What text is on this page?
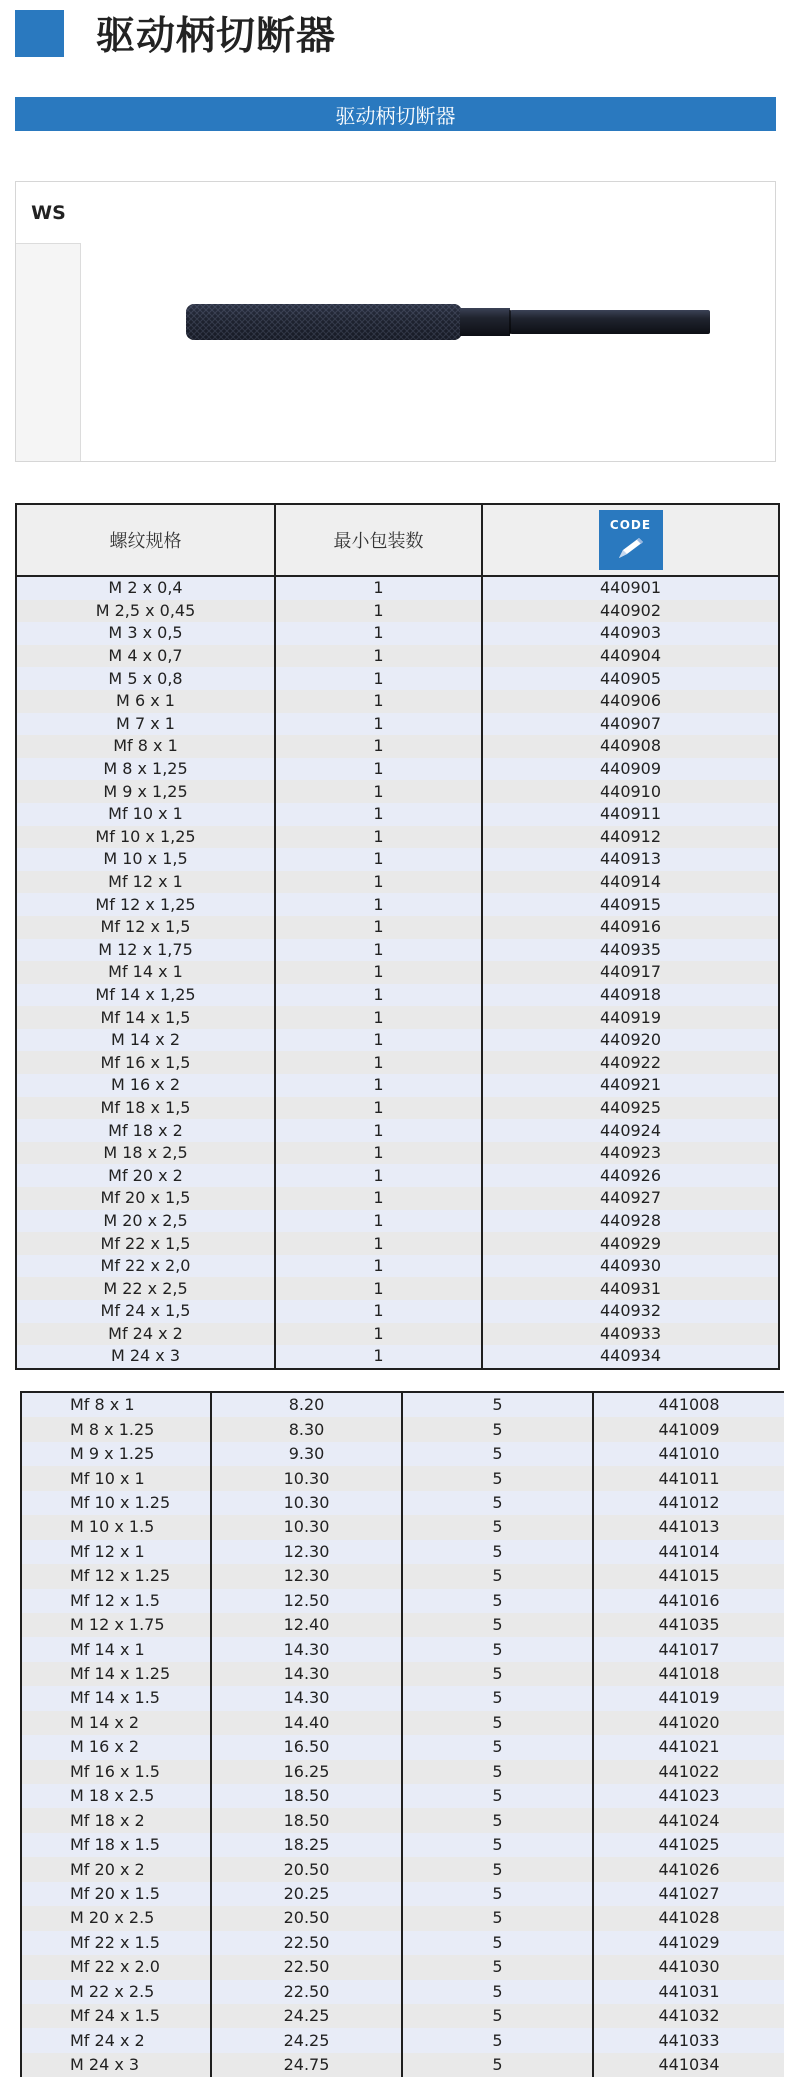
驱动柄切断器
驱动柄切断器
WS
螺纹规格	最小包装数	CODE

M 2 x 0,4	1	440901
M 2,5 x 0,45	1	440902
M 3 x 0,5	1	440903
M 4 x 0,7	1	440904
M 5 x 0,8	1	440905
M 6 x 1	1	440906
M 7 x 1	1	440907
Mf 8 x 1	1	440908
M 8 x 1,25	1	440909
M 9 x 1,25	1	440910
Mf 10 x 1	1	440911
Mf 10 x 1,25	1	440912
M 10 x 1,5	1	440913
Mf 12 x 1	1	440914
Mf 12 x 1,25	1	440915
Mf 12 x 1,5	1	440916
M 12 x 1,75	1	440935
Mf 14 x 1	1	440917
Mf 14 x 1,25	1	440918
Mf 14 x 1,5	1	440919
M 14 x 2	1	440920
Mf 16 x 1,5	1	440922
M 16 x 2	1	440921
Mf 18 x 1,5	1	440925
Mf 18 x 2	1	440924
M 18 x 2,5	1	440923
Mf 20 x 2	1	440926
Mf 20 x 1,5	1	440927
M 20 x 2,5	1	440928
Mf 22 x 1,5	1	440929
Mf 22 x 2,0	1	440930
M 22 x 2,5	1	440931
Mf 24 x 1,5	1	440932
Mf 24 x 2	1	440933
M 24 x 3	1	440934
Mf 8 x 1	8.20	5	441008
M 8 x 1.25	8.30	5	441009
M 9 x 1.25	9.30	5	441010
Mf 10 x 1	10.30	5	441011
Mf 10 x 1.25	10.30	5	441012
M 10 x 1.5	10.30	5	441013
Mf 12 x 1	12.30	5	441014
Mf 12 x 1.25	12.30	5	441015
Mf 12 x 1.5	12.50	5	441016
M 12 x 1.75	12.40	5	441035
Mf 14 x 1	14.30	5	441017
Mf 14 x 1.25	14.30	5	441018
Mf 14 x 1.5	14.30	5	441019
M 14 x 2	14.40	5	441020
M 16 x 2	16.50	5	441021
Mf 16 x 1.5	16.25	5	441022
M 18 x 2.5	18.50	5	441023
Mf 18 x 2	18.50	5	441024
Mf 18 x 1.5	18.25	5	441025
Mf 20 x 2	20.50	5	441026
Mf 20 x 1.5	20.25	5	441027
M 20 x 2.5	20.50	5	441028
Mf 22 x 1.5	22.50	5	441029
Mf 22 x 2.0	22.50	5	441030
M 22 x 2.5	22.50	5	441031
Mf 24 x 1.5	24.25	5	441032
Mf 24 x 2	24.25	5	441033
M 24 x 3	24.75	5	441034
